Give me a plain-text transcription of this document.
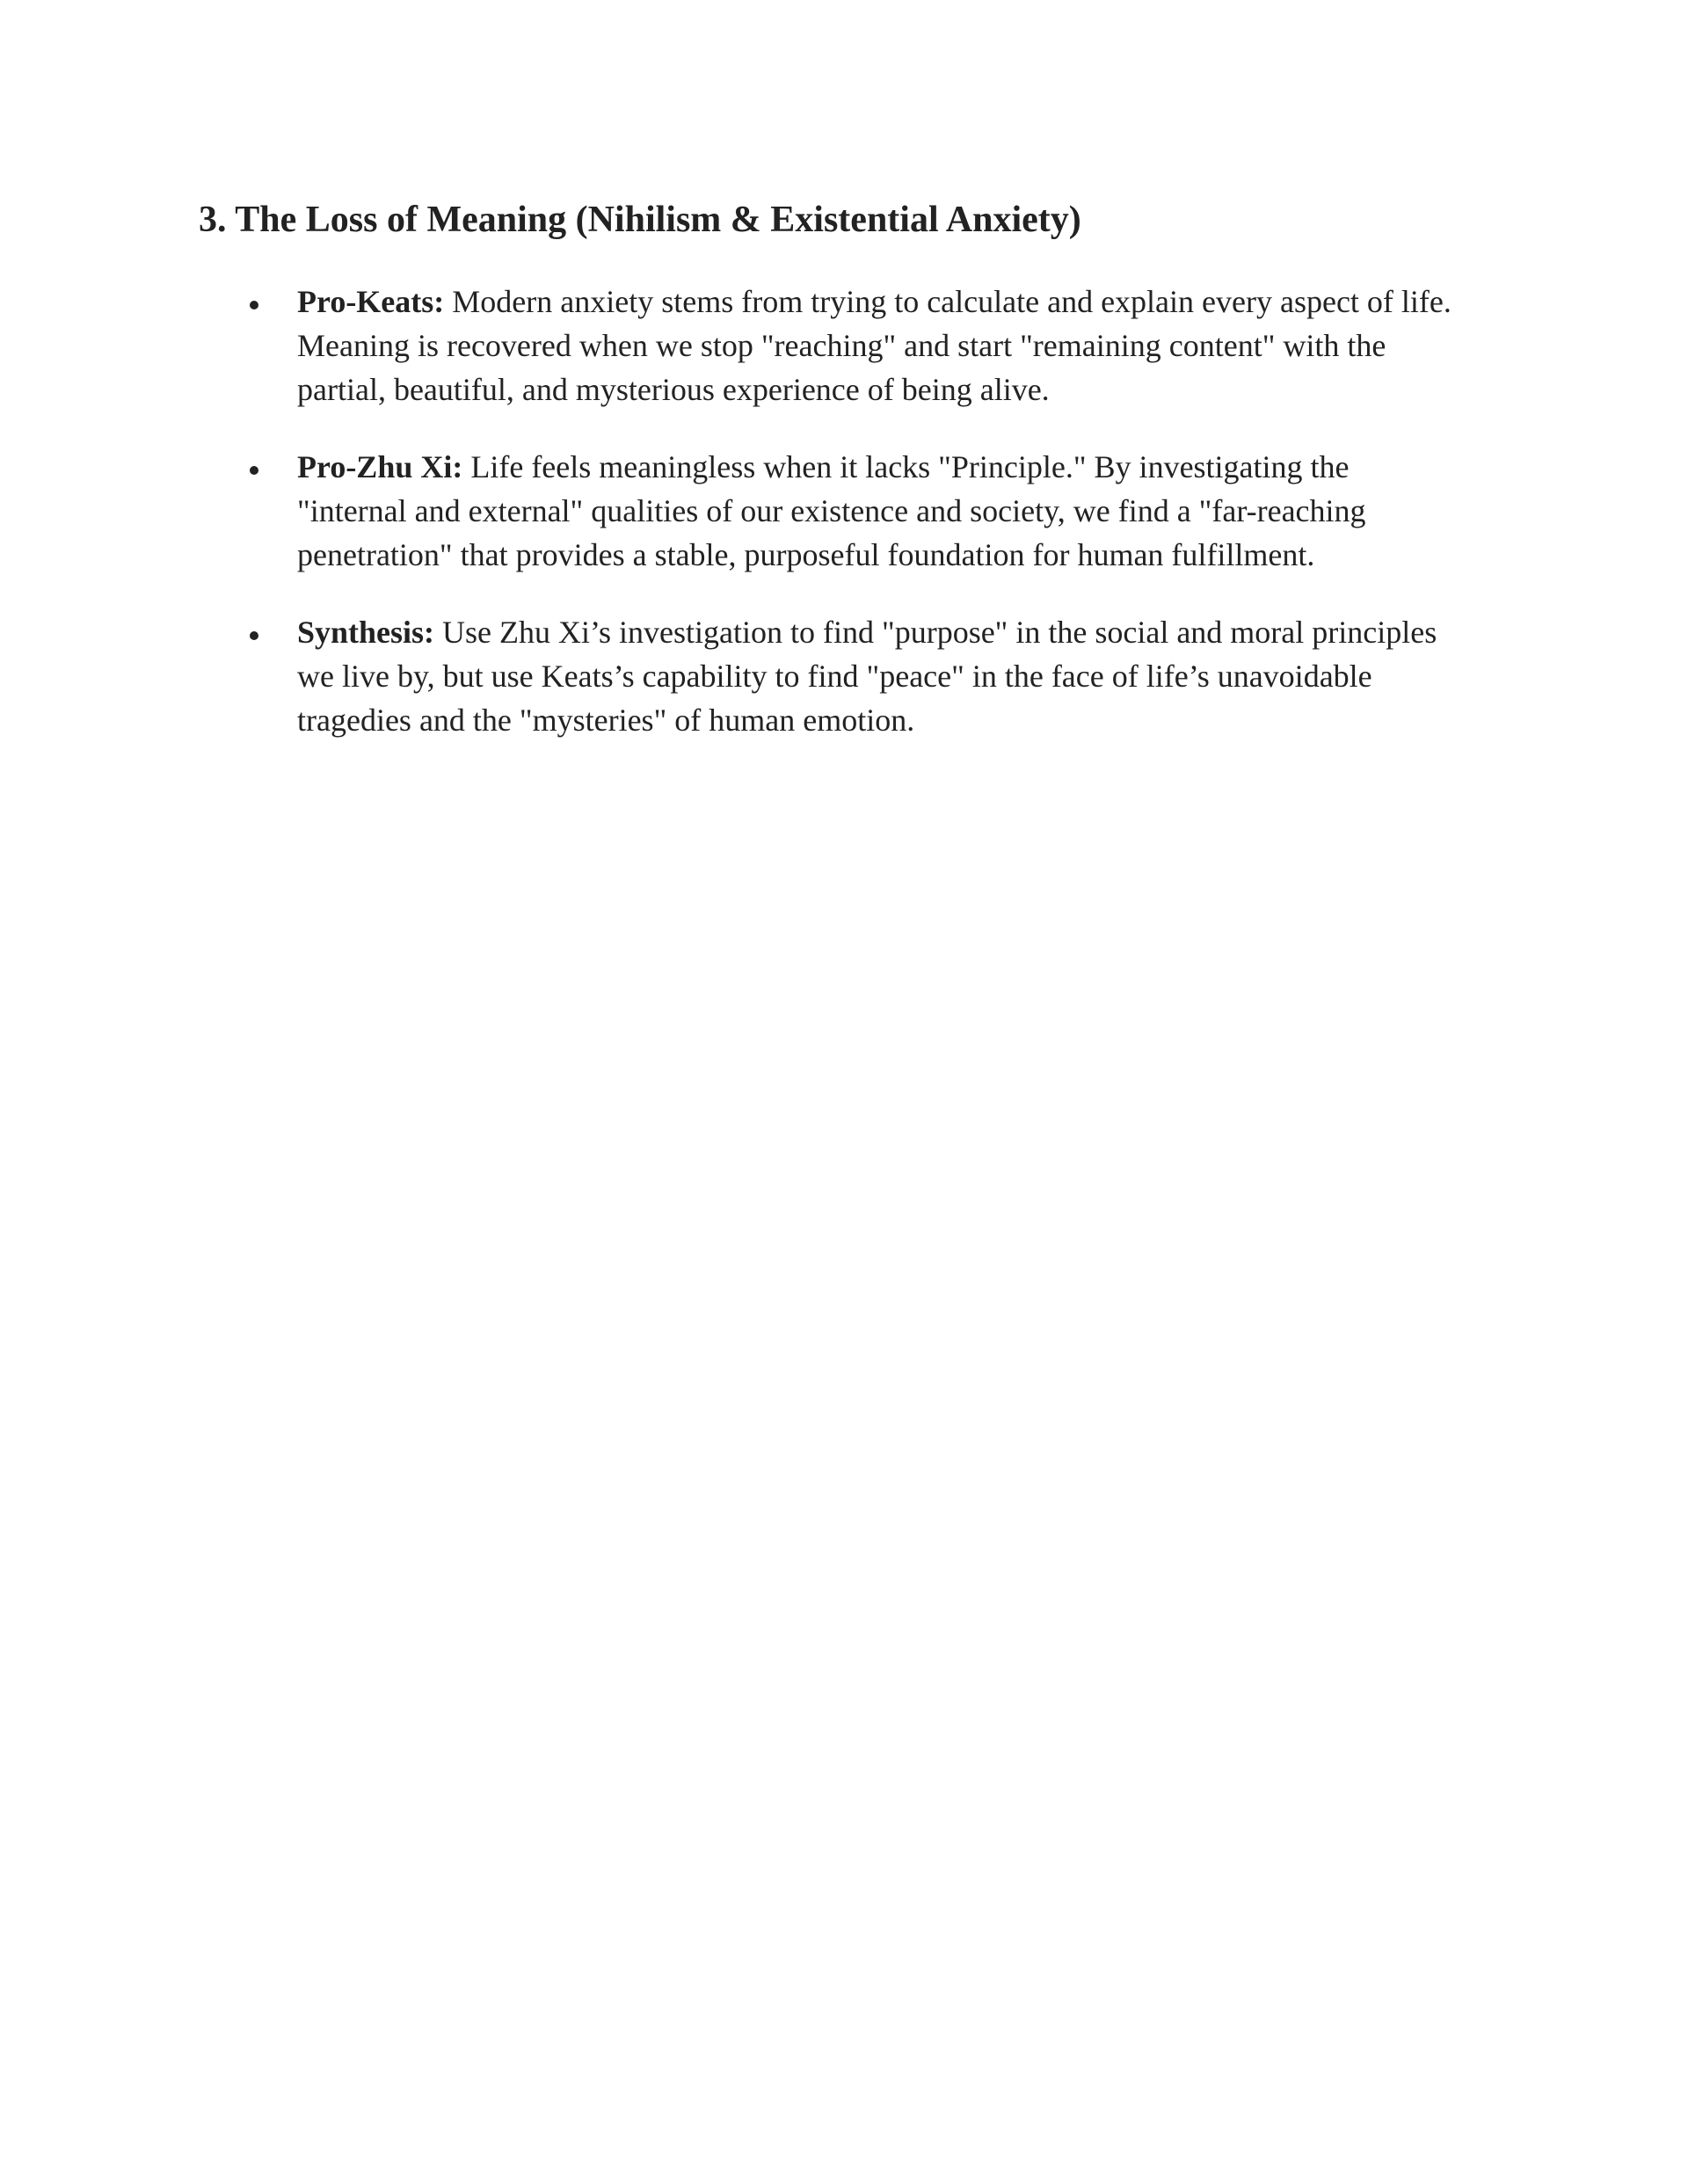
3. The Loss of Meaning (Nihilism & Existential Anxiety)
Pro-Keats: Modern anxiety stems from trying to calculate and explain every aspect of life. Meaning is recovered when we stop "reaching" and start "remaining content" with the partial, beautiful, and mysterious experience of being alive.
Pro-Zhu Xi: Life feels meaningless when it lacks "Principle." By investigating the "internal and external" qualities of our existence and society, we find a "far-reaching penetration" that provides a stable, purposeful foundation for human fulfillment.
Synthesis: Use Zhu Xi’s investigation to find "purpose" in the social and moral principles we live by, but use Keats’s capability to find "peace" in the face of life’s unavoidable tragedies and the "mysteries" of human emotion.
